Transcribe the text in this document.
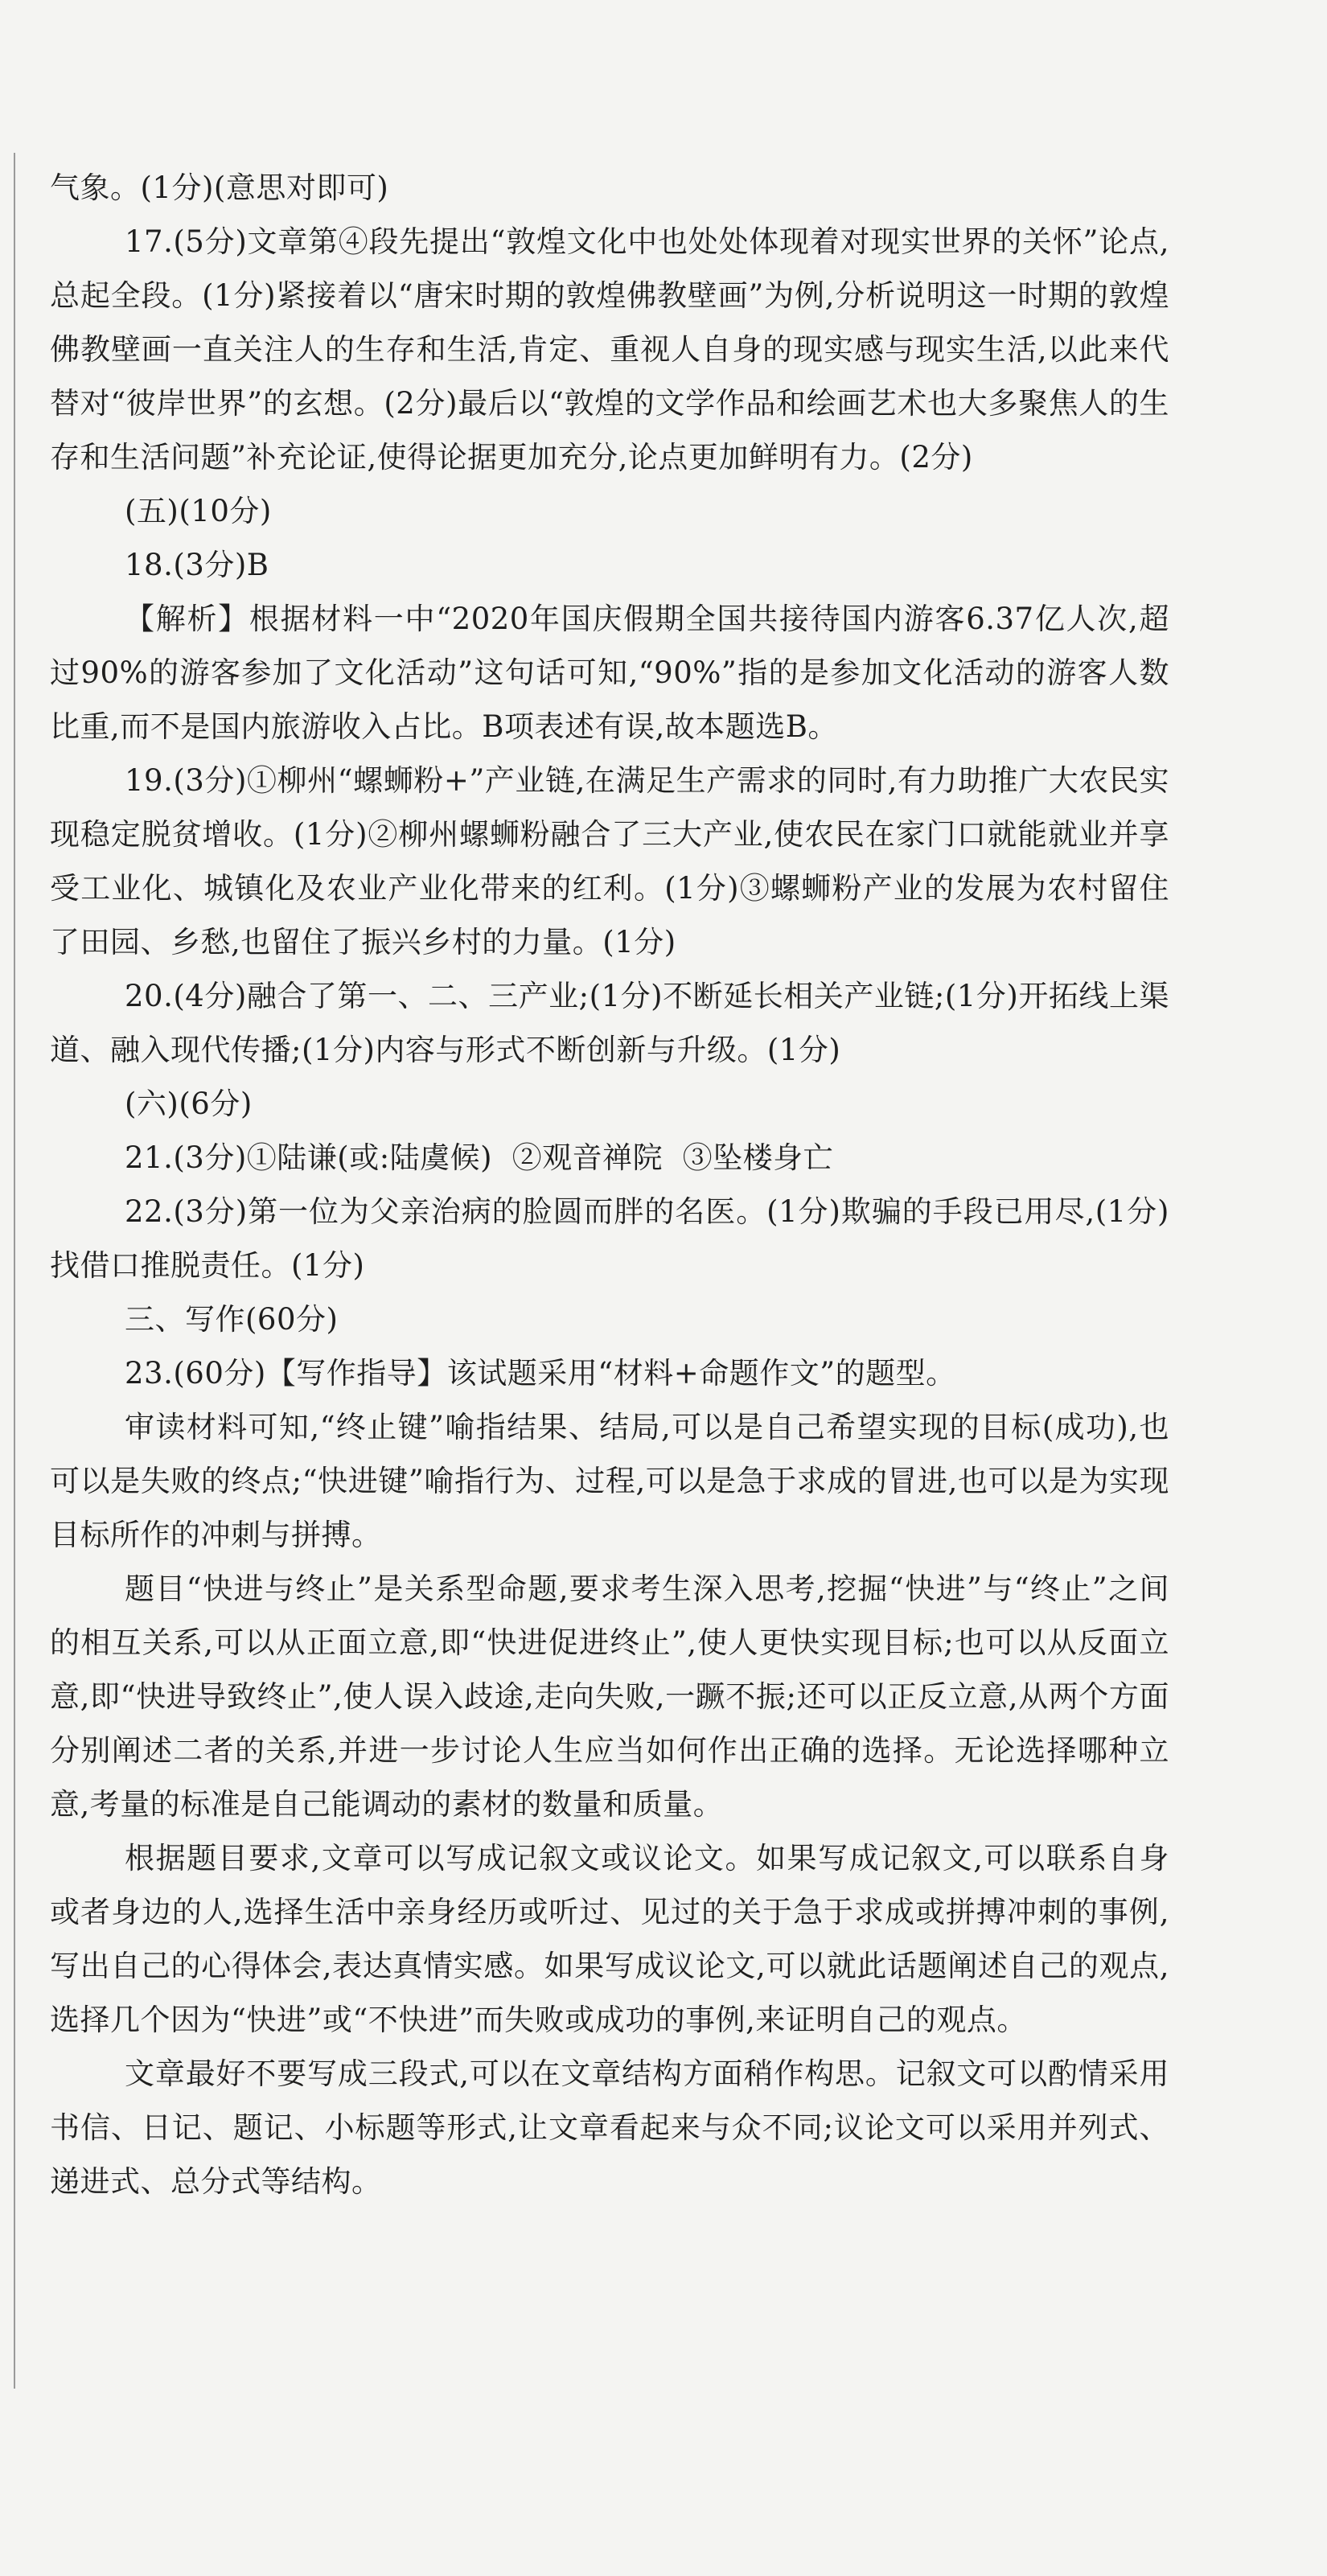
气象。(1分)(意思对即可)

17.(5分)文章第④段先提出“敦煌文化中也处处体现着对现实世界的关怀”论点,总起全段。(1分)紧接着以“唐宋时期的敦煌佛教壁画”为例,分析说明这一时期的敦煌佛教壁画一直关注人的生存和生活,肯定、重视人自身的现实感与现实生活,以此来代替对“彼岸世界”的玄想。(2分)最后以“敦煌的文学作品和绘画艺术也大多聚焦人的生存和生活问题”补充论证,使得论据更加充分,论点更加鲜明有力。(2分)

(五)(10分)

18.(3分)B

【解析】根据材料一中“2020年国庆假期全国共接待国内游客6.37亿人次,超过90%的游客参加了文化活动”这句话可知,“90%”指的是参加文化活动的游客人数比重,而不是国内旅游收入占比。B项表述有误,故本题选B。

19.(3分)①柳州“螺蛳粉+”产业链,在满足生产需求的同时,有力助推广大农民实现稳定脱贫增收。(1分)②柳州螺蛳粉融合了三大产业,使农民在家门口就能就业并享受工业化、城镇化及农业产业化带来的红利。(1分)③螺蛳粉产业的发展为农村留住了田园、乡愁,也留住了振兴乡村的力量。(1分)

20.(4分)融合了第一、二、三产业;(1分)不断延长相关产业链;(1分)开拓线上渠道、融入现代传播;(1分)内容与形式不断创新与升级。(1分)

(六)(6分)

21.(3分)①陆谦(或:陆虞候)  ②观音禅院  ③坠楼身亡

22.(3分)第一位为父亲治病的脸圆而胖的名医。(1分)欺骗的手段已用尽,(1分)找借口推脱责任。(1分)

三、写作(60分)

23.(60分)【写作指导】该试题采用“材料+命题作文”的题型。

审读材料可知,“终止键”喻指结果、结局,可以是自己希望实现的目标(成功),也可以是失败的终点;“快进键”喻指行为、过程,可以是急于求成的冒进,也可以是为实现目标所作的冲刺与拼搏。

题目“快进与终止”是关系型命题,要求考生深入思考,挖掘“快进”与“终止”之间的相互关系,可以从正面立意,即“快进促进终止”,使人更快实现目标;也可以从反面立意,即“快进导致终止”,使人误入歧途,走向失败,一蹶不振;还可以正反立意,从两个方面分别阐述二者的关系,并进一步讨论人生应当如何作出正确的选择。无论选择哪种立意,考量的标准是自己能调动的素材的数量和质量。

根据题目要求,文章可以写成记叙文或议论文。如果写成记叙文,可以联系自身或者身边的人,选择生活中亲身经历或听过、见过的关于急于求成或拼搏冲刺的事例,写出自己的心得体会,表达真情实感。如果写成议论文,可以就此话题阐述自己的观点,选择几个因为“快进”或“不快进”而失败或成功的事例,来证明自己的观点。

文章最好不要写成三段式,可以在文章结构方面稍作构思。记叙文可以酌情采用书信、日记、题记、小标题等形式,让文章看起来与众不同;议论文可以采用并列式、递进式、总分式等结构。
